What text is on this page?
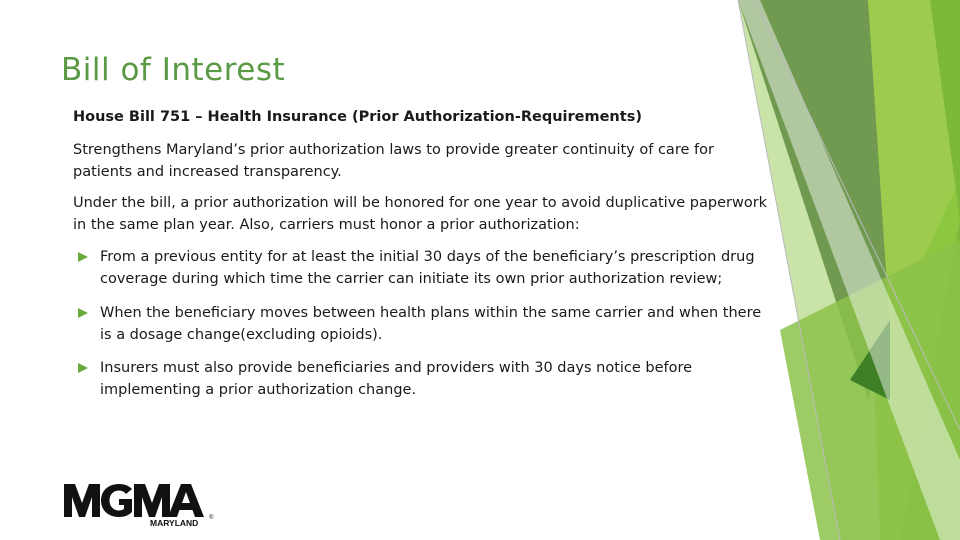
Bill of Interest
House Bill 751 – Health Insurance (Prior Authorization-Requirements)
Strengthens Maryland’s prior authorization laws to provide greater continuity of care for patients and increased transparency.
Under the bill, a prior authorization will be honored for one year to avoid duplicative paperwork in the same plan year. Also, carriers must honor a prior authorization:
From a previous entity for at least the initial 30 days of the beneficiary’s prescription drug coverage during which time the carrier can initiate its own prior authorization review;
When the beneficiary moves between health plans within the same carrier and when there is a dosage change(excluding opioids).
Insurers must also provide beneficiaries and providers with 30 days notice before implementing a prior authorization change.
MARYLAND ®
